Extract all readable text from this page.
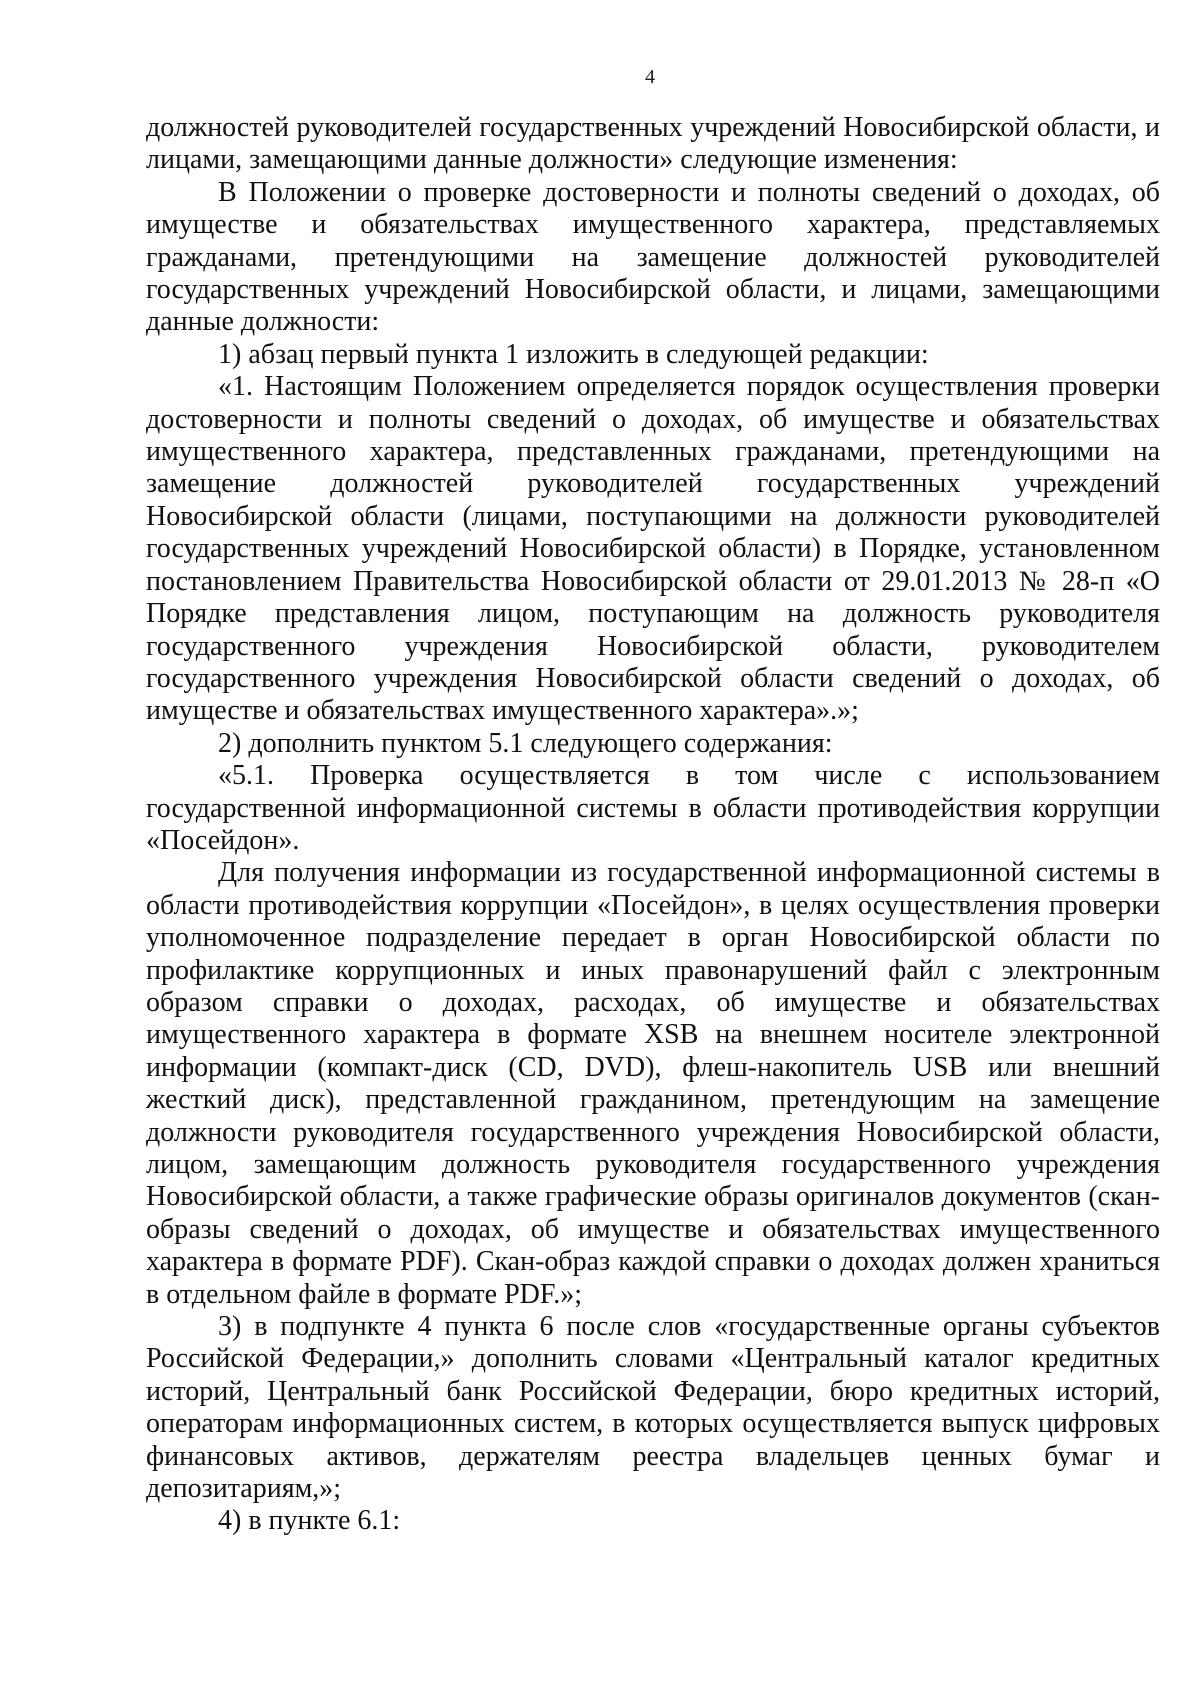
4

должностей руководителей государственных учреждений Новосибирской области, и лицами, замещающими данные должности» следующие изменения:

В Положении о проверке достоверности и полноты сведений о доходах, об имуществе и обязательствах имущественного характера, представляемых гражданами, претендующими на замещение должностей руководителей государственных учреждений Новосибирской области, и лицами, замещающими данные должности:

1) абзац первый пункта 1 изложить в следующей редакции:

«1. Настоящим Положением определяется порядок осуществления проверки достоверности и полноты сведений о доходах, об имуществе и обязательствах имущественного характера, представленных гражданами, претендующими на замещение должностей руководителей государственных учреждений Новосибирской области (лицами, поступающими на должности руководителей государственных учреждений Новосибирской области) в Порядке, установленном постановлением Правительства Новосибирской области от 29.01.2013 № 28-п «О Порядке представления лицом, поступающим на должность руководителя государственного учреждения Новосибирской области, руководителем государственного учреждения Новосибирской области сведений о доходах, об имуществе и обязательствах имущественного характера».»;

2) дополнить пунктом 5.1 следующего содержания:

«5.1. Проверка осуществляется в том числе с использованием государственной информационной системы в области противодействия коррупции «Посейдон».

Для получения информации из государственной информационной системы в области противодействия коррупции «Посейдон», в целях осуществления проверки уполномоченное подразделение передает в орган Новосибирской области по профилактике коррупционных и иных правонарушений файл с электронным образом справки о доходах, расходах, об имуществе и обязательствах имущественного характера в формате XSB на внешнем носителе электронной информации (компакт-диск (CD, DVD), флеш-накопитель USB или внешний жесткий диск), представленной гражданином, претендующим на замещение должности руководителя государственного учреждения Новосибирской области, лицом, замещающим должность руководителя государственного учреждения Новосибирской области, а также графические образы оригиналов документов (скан-образы сведений о доходах, об имуществе и обязательствах имущественного характера в формате PDF). Скан-образ каждой справки о доходах должен храниться в отдельном файле в формате PDF.»;

3) в подпункте 4 пункта 6 после слов «государственные органы субъектов Российской Федерации,» дополнить словами «Центральный каталог кредитных историй, Центральный банк Российской Федерации, бюро кредитных историй, операторам информационных систем, в которых осуществляется выпуск цифровых финансовых активов, держателям реестра владельцев ценных бумаг и депозитариям,»;

4) в пункте 6.1:
